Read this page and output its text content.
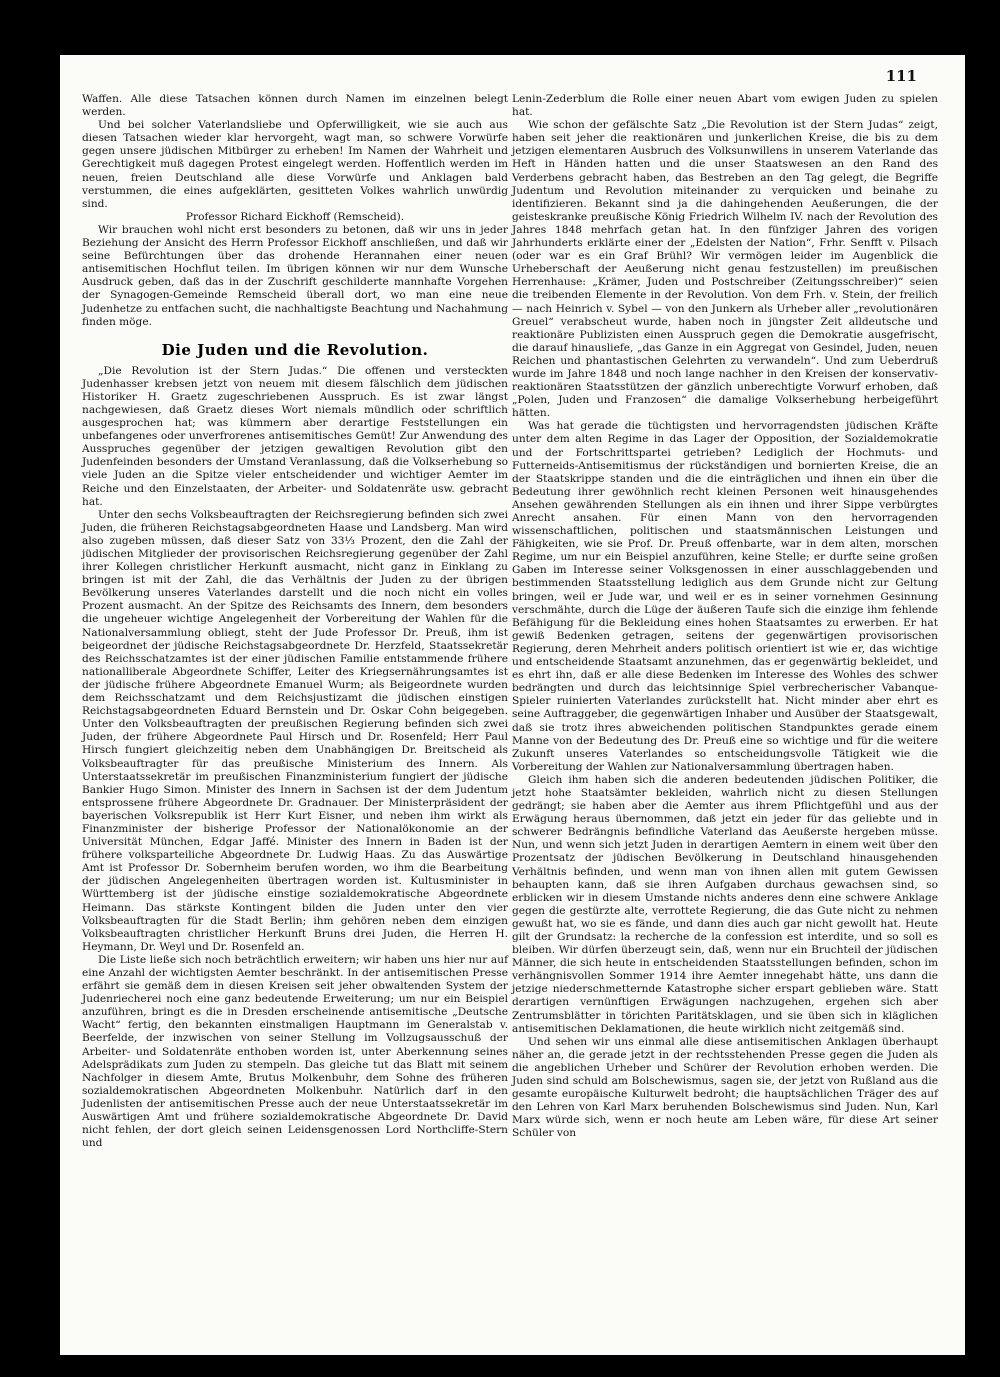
111

Waffen. Alle diese Tatsachen können durch Namen im einzelnen belegt werden.

Und bei solcher Vaterlandsliebe und Opferwilligkeit, wie sie auch aus diesen Tatsachen wieder klar hervorgeht, wagt man, so schwere Vorwürfe gegen unsere jüdischen Mitbürger zu erheben! Im Namen der Wahrheit und Gerechtigkeit muß dagegen Protest eingelegt werden. Hoffentlich werden im neuen, freien Deutschland alle diese Vorwürfe und Anklagen bald verstummen, die eines aufgeklärten, gesitteten Volkes wahrlich unwürdig sind.

Professor Richard Eickhoff (Remscheid).

Wir brauchen wohl nicht erst besonders zu betonen, daß wir uns in jeder Beziehung der Ansicht des Herrn Professor Eickhoff anschließen, und daß wir seine Befürchtungen über das drohende Herannahen einer neuen antisemitischen Hochflut teilen. Im übrigen können wir nur dem Wunsche Ausdruck geben, daß das in der Zuschrift geschilderte mannhafte Vorgehen der Synagogen-Gemeinde Remscheid überall dort, wo man eine neue Judenhetze zu entfachen sucht, die nachhaltigste Beachtung und Nachahmung finden möge.

Die Juden und die Revolution.

„Die Revolution ist der Stern Judas.“ Die offenen und versteckten Judenhasser krebsen jetzt von neuem mit diesem fälschlich dem jüdischen Historiker H. Graetz zugeschriebenen Ausspruch. Es ist zwar längst nachgewiesen, daß Graetz dieses Wort niemals mündlich oder schriftlich ausgesprochen hat; was kümmern aber derartige Feststellungen ein unbefangenes oder unverfrorenes antisemitisches Gemüt! Zur Anwendung des Ausspruches gegenüber der jetzigen gewaltigen Revolution gibt den Judenfeinden besonders der Umstand Veranlassung, daß die Volkserhebung so viele Juden an die Spitze vieler entscheidender und wichtiger Aemter im Reiche und den Einzelstaaten, der Arbeiter- und Soldatenräte usw. gebracht hat.

Unter den sechs Volksbeauftragten der Reichsregierung befinden sich zwei Juden, die früheren Reichstagsabgeordneten Haase und Landsberg. Man wird also zugeben müssen, daß dieser Satz von 33⅓ Prozent, den die Zahl der jüdischen Mitglieder der provisorischen Reichsregierung gegenüber der Zahl ihrer Kollegen christlicher Herkunft ausmacht, nicht ganz in Einklang zu bringen ist mit der Zahl, die das Verhältnis der Juden zu der übrigen Bevölkerung unseres Vaterlandes darstellt und die noch nicht ein volles Prozent ausmacht. An der Spitze des Reichsamts des Innern, dem besonders die ungeheuer wichtige Angelegenheit der Vorbereitung der Wahlen für die Nationalversammlung obliegt, steht der Jude Professor Dr. Preuß, ihm ist beigeordnet der jüdische Reichstagsabgeordnete Dr. Herzfeld, Staatssekretär des Reichsschatzamtes ist der einer jüdischen Familie entstammende frühere nationalliberale Abgeordnete Schiffer, Leiter des Kriegsernährungsamtes ist der jüdische frühere Abgeordnete Emanuel Wurm; als Beigeordnete wurden dem Reichsschatzamt und dem Reichsjustizamt die jüdischen einstigen Reichstagsabgeordneten Eduard Bernstein und Dr. Oskar Cohn beigegeben. Unter den Volksbeauftragten der preußischen Regierung befinden sich zwei Juden, der frühere Abgeordnete Paul Hirsch und Dr. Rosenfeld; Herr Paul Hirsch fungiert gleichzeitig neben dem Unabhängigen Dr. Breitscheid als Volksbeauftragter für das preußische Ministerium des Innern. Als Unterstaatssekretär im preußischen Finanzministerium fungiert der jüdische Bankier Hugo Simon. Minister des Innern in Sachsen ist der dem Judentum entsprossene frühere Abgeordnete Dr. Gradnauer. Der Ministerpräsident der bayerischen Volksrepublik ist Herr Kurt Eisner, und neben ihm wirkt als Finanzminister der bisherige Professor der Nationalökonomie an der Universität München, Edgar Jaffé. Minister des Innern in Baden ist der frühere volksparteiliche Abgeordnete Dr. Ludwig Haas. Zu das Auswärtige Amt ist Professor Dr. Sobernheim berufen worden, wo ihm die Bearbeitung der jüdischen Angelegenheiten übertragen worden ist. Kultusminister in Württemberg ist der jüdische einstige sozialdemokratische Abgeordnete Heimann. Das stärkste Kontingent bilden die Juden unter den vier Volksbeauftragten für die Stadt Berlin; ihm gehören neben dem einzigen Volksbeauftragten christlicher Herkunft Bruns drei Juden, die Herren H. Heymann, Dr. Weyl und Dr. Rosenfeld an.

Die Liste ließe sich noch beträchtlich erweitern; wir haben uns hier nur auf eine Anzahl der wichtigsten Aemter beschränkt. In der antisemitischen Presse erfährt sie gemäß dem in diesen Kreisen seit jeher obwaltenden System der Judenriecherei noch eine ganz bedeutende Erweiterung; um nur ein Beispiel anzuführen, bringt es die in Dresden erscheinende antisemitische „Deutsche Wacht“ fertig, den bekannten einstmaligen Hauptmann im Generalstab v. Beerfelde, der inzwischen von seiner Stellung im Vollzugsausschuß der Arbeiter- und Soldatenräte enthoben worden ist, unter Aberkennung seines Adelsprädikats zum Juden zu stempeln. Das gleiche tut das Blatt mit seinem Nachfolger in diesem Amte, Brutus Molkenbuhr, dem Sohne des früheren sozialdemokratischen Abgeordneten Molkenbuhr. Natürlich darf in den Judenlisten der antisemitischen Presse auch der neue Unterstaatssekretär im Auswärtigen Amt und frühere sozialdemokratische Abgeordnete Dr. David nicht fehlen, der dort gleich seinen Leidensgenossen Lord Northcliffe-Stern und

Lenin-Zederblum die Rolle einer neuen Abart vom ewigen Juden zu spielen hat.

Wie schon der gefälschte Satz „Die Revolution ist der Stern Judas“ zeigt, haben seit jeher die reaktionären und junkerlichen Kreise, die bis zu dem jetzigen elementaren Ausbruch des Volksunwillens in unserem Vaterlande das Heft in Händen hatten und die unser Staatswesen an den Rand des Verderbens gebracht haben, das Bestreben an den Tag gelegt, die Begriffe Judentum und Revolution miteinander zu verquicken und beinahe zu identifizieren. Bekannt sind ja die dahingehenden Aeußerungen, die der geisteskranke preußische König Friedrich Wilhelm IV. nach der Revolution des Jahres 1848 mehrfach getan hat. In den fünfziger Jahren des vorigen Jahrhunderts erklärte einer der „Edelsten der Nation“, Frhr. Senfft v. Pilsach (oder war es ein Graf Brühl? Wir vermögen leider im Augenblick die Urheberschaft der Aeußerung nicht genau festzustellen) im preußischen Herrenhause: „Krämer, Juden und Postschreiber (Zeitungsschreiber)“ seien die treibenden Elemente in der Revolution. Von dem Frh. v. Stein, der freilich — nach Heinrich v. Sybel — von den Junkern als Urheber aller „revolutionären Greuel“ verabscheut wurde, haben noch in jüngster Zeit alldeutsche und reaktionäre Publizisten einen Ausspruch gegen die Demokratie ausgefrischt, die darauf hinausliefe, „das Ganze in ein Aggregat von Gesindel, Juden, neuen Reichen und phantastischen Gelehrten zu verwandeln“. Und zum Ueberdruß wurde im Jahre 1848 und noch lange nachher in den Kreisen der konservativ-reaktionären Staatsstützen der gänzlich unberechtigte Vorwurf erhoben, daß „Polen, Juden und Franzosen“ die damalige Volkserhebung herbeigeführt hätten.

Was hat gerade die tüchtigsten und hervorragendsten jüdischen Kräfte unter dem alten Regime in das Lager der Opposition, der Sozialdemokratie und der Fortschrittspartei getrieben? Lediglich der Hochmuts- und Futterneids-Antisemitismus der rückständigen und bornierten Kreise, die an der Staatskrippe standen und die die einträglichen und ihnen ein über die Bedeutung ihrer gewöhnlich recht kleinen Personen weit hinausgehendes Ansehen gewährenden Stellungen als ein ihnen und ihrer Sippe verbürgtes Anrecht ansahen. Für einen Mann von den hervorragenden wissenschaftlichen, politischen und staatsmännischen Leistungen und Fähigkeiten, wie sie Prof. Dr. Preuß offenbarte, war in dem alten, morschen Regime, um nur ein Beispiel anzuführen, keine Stelle; er durfte seine großen Gaben im Interesse seiner Volksgenossen in einer ausschlaggebenden und bestimmenden Staatsstellung lediglich aus dem Grunde nicht zur Geltung bringen, weil er Jude war, und weil er es in seiner vornehmen Gesinnung verschmähte, durch die Lüge der äußeren Taufe sich die einzige ihm fehlende Befähigung für die Bekleidung eines hohen Staatsamtes zu erwerben. Er hat gewiß Bedenken getragen, seitens der gegenwärtigen provisorischen Regierung, deren Mehrheit anders politisch orientiert ist wie er, das wichtige und entscheidende Staatsamt anzunehmen, das er gegenwärtig bekleidet, und es ehrt ihn, daß er alle diese Bedenken im Interesse des Wohles des schwer bedrängten und durch das leichtsinnige Spiel verbrecherischer Vabanque-Spieler ruinierten Vaterlandes zurückstellt hat. Nicht minder aber ehrt es seine Auftraggeber, die gegenwärtigen Inhaber und Ausüber der Staatsgewalt, daß sie trotz ihres abweichenden politischen Standpunktes gerade einem Manne von der Bedeutung des Dr. Preuß eine so wichtige und für die weitere Zukunft unseres Vaterlandes so entscheidungsvolle Tätigkeit wie die Vorbereitung der Wahlen zur Nationalversammlung übertragen haben.

Gleich ihm haben sich die anderen bedeutenden jüdischen Politiker, die jetzt hohe Staatsämter bekleiden, wahrlich nicht zu diesen Stellungen gedrängt; sie haben aber die Aemter aus ihrem Pflichtgefühl und aus der Erwägung heraus übernommen, daß jetzt ein jeder für das geliebte und in schwerer Bedrängnis befindliche Vaterland das Aeußerste hergeben müsse. Nun, und wenn sich jetzt Juden in derartigen Aemtern in einem weit über den Prozentsatz der jüdischen Bevölkerung in Deutschland hinausgehenden Verhältnis befinden, und wenn man von ihnen allen mit gutem Gewissen behaupten kann, daß sie ihren Aufgaben durchaus gewachsen sind, so erblicken wir in diesem Umstande nichts anderes denn eine schwere Anklage gegen die gestürzte alte, verrottete Regierung, die das Gute nicht zu nehmen gewußt hat, wo sie es fände, und dann dies auch gar nicht gewollt hat. Heute gilt der Grundsatz: la recherche de la confession est interdite, und so soll es bleiben. Wir dürfen überzeugt sein, daß, wenn nur ein Bruchteil der jüdischen Männer, die sich heute in entscheidenden Staatsstellungen befinden, schon im verhängnisvollen Sommer 1914 ihre Aemter innegehabt hätte, uns dann die jetzige niederschmetternde Katastrophe sicher erspart geblieben wäre. Statt derartigen vernünftigen Erwägungen nachzugehen, ergehen sich aber Zentrumsblätter in törichten Paritätsklagen, und sie üben sich in kläglichen antisemitischen Deklamationen, die heute wirklich nicht zeitgemäß sind.

Und sehen wir uns einmal alle diese antisemitischen Anklagen überhaupt näher an, die gerade jetzt in der rechtsstehenden Presse gegen die Juden als die angeblichen Urheber und Schürer der Revolution erhoben werden. Die Juden sind schuld am Bolschewismus, sagen sie, der jetzt von Rußland aus die gesamte europäische Kulturwelt bedroht; die hauptsächlichen Träger des auf den Lehren von Karl Marx beruhenden Bolschewismus sind Juden. Nun, Karl Marx würde sich, wenn er noch heute am Leben wäre, für diese Art seiner Schüler von
